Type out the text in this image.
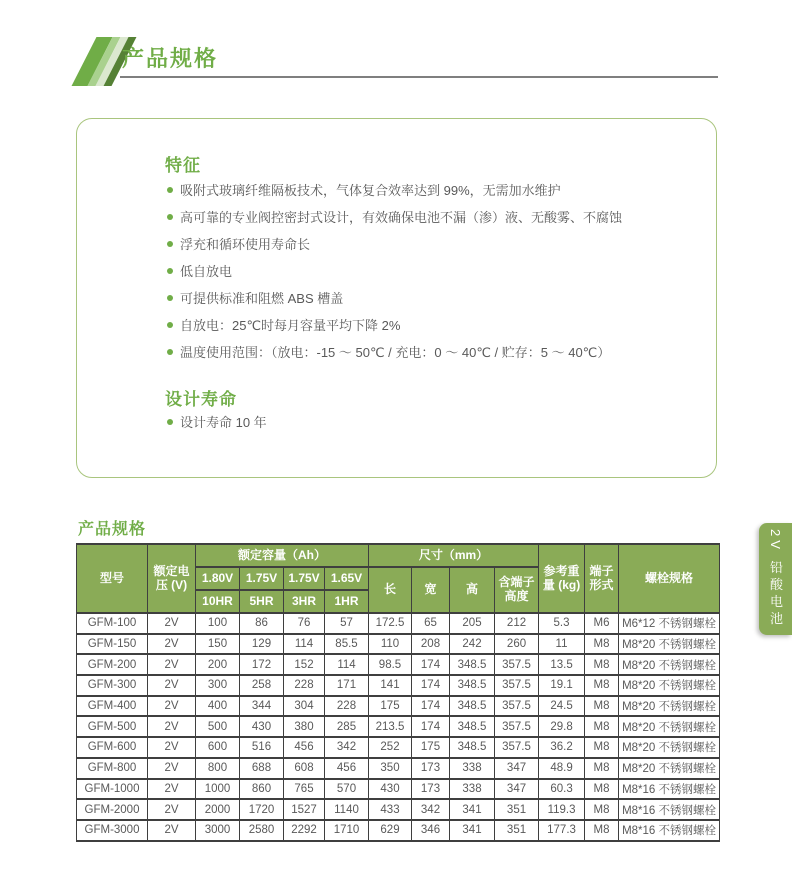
产品规格
特征
吸附式玻璃纤维隔板技术，气体复合效率达到 99%，无需加水维护
高可靠的专业阀控密封式设计，有效确保电池不漏（渗）液、无酸雾、不腐蚀
浮充和循环使用寿命长
低自放电
可提供标准和阻燃 ABS 槽盖
自放电：25℃时每月容量平均下降 2%
温度使用范围：（放电：-15 ～ 50℃ / 充电：0 ～ 40℃ / 贮存：5 ～ 40℃）
设计寿命
设计寿命 10 年
产品规格
型号	额定电压 (V)	额定容量（Ah）				尺寸（mm）				参考重量 (kg)	端子形式	螺栓规格
		1.80V	1.75V	1.75V	1.65V	长	宽	高	含端子高度			
		10HR	5HR	3HR	1HR							
GFM-100	2V	100	86	76	57	172.5	65	205	212	5.3	M6	M6*12 不锈钢螺栓
GFM-150	2V	150	129	114	85.5	110	208	242	260	11	M8	M8*20 不锈钢螺栓
GFM-200	2V	200	172	152	114	98.5	174	348.5	357.5	13.5	M8	M8*20 不锈钢螺栓
GFM-300	2V	300	258	228	171	141	174	348.5	357.5	19.1	M8	M8*20 不锈钢螺栓
GFM-400	2V	400	344	304	228	175	174	348.5	357.5	24.5	M8	M8*20 不锈钢螺栓
GFM-500	2V	500	430	380	285	213.5	174	348.5	357.5	29.8	M8	M8*20 不锈钢螺栓
GFM-600	2V	600	516	456	342	252	175	348.5	357.5	36.2	M8	M8*20 不锈钢螺栓
GFM-800	2V	800	688	608	456	350	173	338	347	48.9	M8	M8*20 不锈钢螺栓
GFM-1000	2V	1000	860	765	570	430	173	338	347	60.3	M8	M8*16 不锈钢螺栓
GFM-2000	2V	2000	1720	1527	1140	433	342	341	351	119.3	M8	M8*16 不锈钢螺栓
GFM-3000	2V	3000	2580	2292	1710	629	346	341	351	177.3	M8	M8*16 不锈钢螺栓
2V 铅酸电池
